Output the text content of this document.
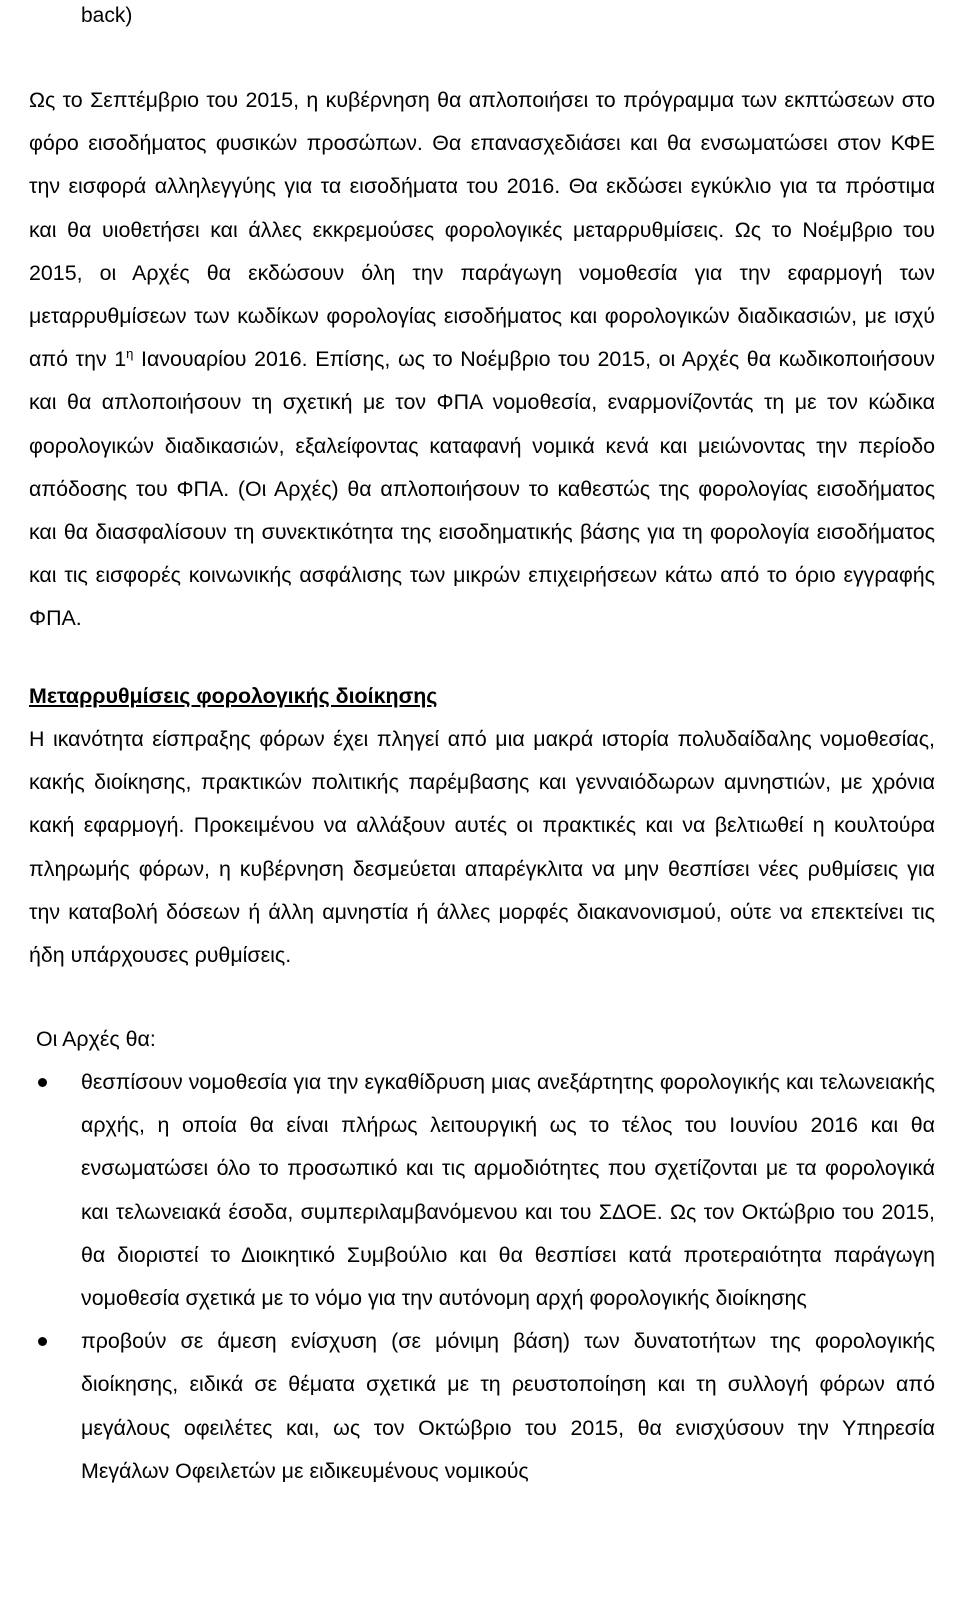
back)

Ως το Σεπτέμβριο του 2015, η κυβέρνηση θα απλοποιήσει το πρόγραμμα των εκπτώσεων στο φόρο εισοδήματος φυσικών προσώπων. Θα επανασχεδιάσει και θα ενσωματώσει στον ΚΦΕ την εισφορά αλληλεγγύης για τα εισοδήματα του 2016. Θα εκδώσει εγκύκλιο για τα πρόστιμα και θα υιοθετήσει και άλλες εκκρεμούσες φορολογικές μεταρρυθμίσεις. Ως το Νοέμβριο του 2015, οι Αρχές θα εκδώσουν όλη την παράγωγη νομοθεσία για την εφαρμογή των μεταρρυθμίσεων των κωδίκων φορολογίας εισοδήματος και φορολογικών διαδικασιών, με ισχύ από την $1^\eta$ Ιανουαρίου 2016. Επίσης, ως το Νοέμβριο του 2015, οι Αρχές θα κωδικοποιήσουν και θα απλοποιήσουν τη σχετική με τον ΦΠΑ νομοθεσία, εναρμονίζοντάς τη με τον κώδικα φορολογικών διαδικασιών, εξαλείφοντας καταφανή νομικά κενά και μειώνοντας την περίοδο απόδοσης του ΦΠΑ. (Οι Αρχές) θα απλοποιήσουν το καθεστώς της φορολογίας εισοδήματος και θα διασφαλίσουν τη συνεκτικότητα της εισοδηματικής βάσης για τη φορολογία εισοδήματος και τις εισφορές κοινωνικής ασφάλισης των μικρών επιχειρήσεων κάτω από το όριο εγγραφής ΦΠΑ.

Μεταρρυθμίσεις φορολογικής διοίκησης

Η ικανότητα είσπραξης φόρων έχει πληγεί από μια μακρά ιστορία πολυδαίδαλης νομοθεσίας, κακής διοίκησης, πρακτικών πολιτικής παρέμβασης και γενναιόδωρων αμνηστιών, με χρόνια κακή εφαρμογή. Προκειμένου να αλλάξουν αυτές οι πρακτικές και να βελτιωθεί η κουλτούρα πληρωμής φόρων, η κυβέρνηση δεσμεύεται απαρέγκλιτα να μην θεσπίσει νέες ρυθμίσεις για την καταβολή δόσεων ή άλλη αμνηστία ή άλλες μορφές διακανονισμού, ούτε να επεκτείνει τις ήδη υπάρχουσες ρυθμίσεις.

Οι Αρχές θα:

θεσπίσουν νομοθεσία για την εγκαθίδρυση μιας ανεξάρτητης φορολογικής και τελωνειακής αρχής, η οποία θα είναι πλήρως λειτουργική ως το τέλος του Ιουνίου 2016 και θα ενσωματώσει όλο το προσωπικό και τις αρμοδιότητες που σχετίζονται με τα φορολογικά και τελωνειακά έσοδα, συμπεριλαμβανόμενου και του ΣΔΟΕ. Ως τον Οκτώβριο του 2015, θα διοριστεί το Διοικητικό Συμβούλιο και θα θεσπίσει κατά προτεραιότητα παράγωγη νομοθεσία σχετικά με το νόμο για την αυτόνομη αρχή φορολογικής διοίκησης
προβούν σε άμεση ενίσχυση (σε μόνιμη βάση) των δυνατοτήτων της φορολογικής διοίκησης, ειδικά σε θέματα σχετικά με τη ρευστοποίηση και τη συλλογή φόρων από μεγάλους οφειλέτες και, ως τον Οκτώβριο του 2015, θα ενισχύσουν την Υπηρεσία Μεγάλων Οφειλετών με ειδικευμένους νομικούς
